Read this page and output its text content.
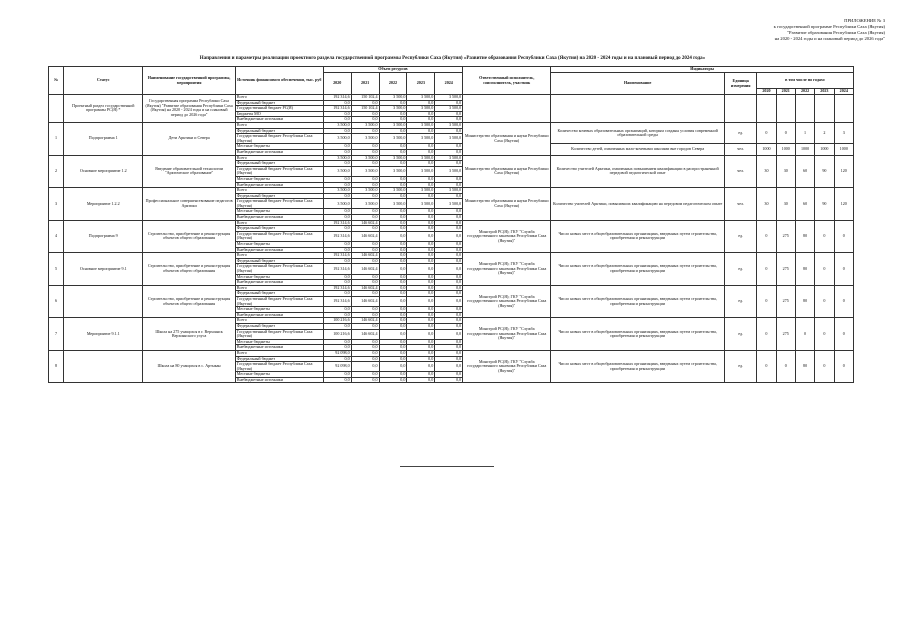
ПРИЛОЖЕНИЕ № 3
к государственной программе Республики Саха (Якутия)
"Развитие образования Республики Саха (Якутия)
на 2020 - 2024 годы и на плановый период до 2026 года"
Направления и параметры реализации проектного раздела государственной программы Республики Саха (Якутия) «Развитие образования Республики Саха (Якутия) на 2020 - 2024 годы и на плановый период до 2024 года»
№	Статус	Наименование государственной программы, мероприятия	Источник финансового обеспечения, тыс. руб	Объем ресурсов					Ответственный исполнитель, соисполнитель, участник	Индикаторы						
				2020	2021	2022	2023	2024		Наименование	Единица измерения	в том числе по годам:				
												2020	2021	2022	2023	2024
	Проектный раздел государственной программы РС(Я) *	Государственная программа Республики Саха (Якутия) "Развитие образования Республики Саха (Якутия) на 2020 - 2024 годы и на плановый период до 2026 года"	Всего	192 314,6	150 102,4	3 500,0	3 500,0	3 500,0								
			Федеральный бюджет	0,0	0,0	0,0	0,0	0,0								
			Государственный бюджет РС(Я)	192 314,6	150 102,4	3 500,0	3 500,0	3 500,0								
			Бюджеты МО	0,0	0,0	0,0	0,0	0,0								
			Внебюджетные источники	0,0	0,0	0,0	0,0	0,0								
1	Подпрограмма 1	Дети Арктики и Севера	Всего	3 500,0	3 500,0	3 500,0	3 500,0	3 500,0	Министерство образования и науки Республики Саха (Якутия)	Количество кочевых образовательных организаций, которым созданы условия современной образовательной среды	ед.	0	0	1	2	3
			Федеральный бюджет	0,0	0,0	0,0	0,0	0,0								
			Государственный бюджет Республики Саха (Якутия)	3 500,0	3 500,0	3 500,0	3 500,0	3 500,0								
			Местные бюджеты	0,0	0,0	0,0	0,0	0,0		Количество детей, охваченных мало-кочевыми школами вне городов Севера	чел.	1000	1000	1000	1000	1000
			Внебюджетные источники	0,0	0,0	0,0	0,0	0,0								
2	Основное мероприятие 1.2	Введение образовательной технологии "Арктическое образование"	Всего	3 500,0	3 500,0	3 500,0	3 500,0	3 500,0	Министерство образования и науки Республики Саха (Якутия)	Количество учителей Арктики, охваченных повышением квалификации в распространенной передовой педагогической опыт	чел.	30	30	60	90	120
			Федеральный бюджет	0,0	0,0	0,0	0,0	0,0								
			Государственный бюджет Республики Саха (Якутия)	3 500,0	3 500,0	3 500,0	3 500,0	3 500,0								
			Местные бюджеты	0,0	0,0	0,0	0,0	0,0								
			Внебюджетные источники	0,0	0,0	0,0	0,0	0,0								
3	Мероприятие 1.2.2	Профессиональное совершенствование педагогов Арктики	Всего	3 500,0	3 500,0	3 500,0	3 500,0	3 500,0	Министерство образования и науки Республики Саха (Якутия)	Количество учителей Арктики, повысивших квалификацию на передовом педагогическом опыте	чел.	30	30	60	90	120
			Федеральный бюджет	0,0	0,0	0,0	0,0	0,0								
			Государственный бюджет Республики Саха (Якутия)	3 500,0	3 500,0	3 500,0	3 500,0	3 500,0								
			Местные бюджеты	0,0	0,0	0,0	0,0	0,0								
			Внебюджетные источники	0,0	0,0	0,0	0,0	0,0								
4	Подпрограмма 9	Строительство, приобретение и реконструкция объектов общего образования	Всего	192 314,6	146 602,4	0,0	0,0	0,0	Минстрой РС(Я); ГКУ "Служба государственного заказчика Республики Саха (Якутия)"	Число новых мест в общеобразовательных организациях, введенных путем строительства, приобретения и реконструкции	ед.	0	275	80	0	0
			Федеральный бюджет	0,0	0,0	0,0	0,0	0,0								
			Государственный бюджет Республики Саха (Якутия)	192 314,6	146 602,4	0,0	0,0	0,0								
			Местные бюджеты	0,0	0,0	0,0	0,0	0,0								
			Внебюджетные источники	0,0	0,0	0,0	0,0	0,0								
5	Основное мероприятие 9.1	Строительство, приобретение и реконструкция объектов общего образования	Всего	192 314,6	146 602,4	0,0	0,0	0,0	Минстрой РС(Я); ГКУ "Служба государственного заказчика Республики Саха (Якутия)"	Число новых мест в общеобразовательных организациях, введенных путем строительства, приобретения и реконструкции	ед.	0	275	80	0	0
			Федеральный бюджет	0,0	0,0	0,0	0,0	0,0								
			Государственный бюджет Республики Саха (Якутия)	192 314,6	146 602,4	0,0	0,0	0,0								
			Местные бюджеты	0,0	0,0	0,0	0,0	0,0								
			Внебюджетные источники	0,0	0,0	0,0	0,0	0,0								
6		Строительство, приобретение и реконструкция объектов общего образования	Всего	192 314,6	146 602,4	0,0	0,0	0,0	Минстрой РС(Я); ГКУ "Служба государственного заказчика Республики Саха (Якутия)"	Число новых мест в общеобразовательных организациях, введенных путем строительства, приобретения и реконструкции	ед.	0	275	80	0	0
			Федеральный бюджет	0,0	0,0	0,0	0,0	0,0								
			Государственный бюджет Республики Саха (Якутия)	192 314,6	146 602,4	0,0	0,0	0,0								
			Местные бюджеты	0,0	0,0	0,0	0,0	0,0								
			Внебюджетные источники	0,0	0,0	0,0	0,0	0,0								
7	Мероприятие 9.1.1	Школа на 275 учащихся в г. Верхоянск Верхоянского улуса	Всего	100 216,6	146 602,4	0,0	0,0	0,0	Минстрой РС(Я); ГКУ "Служба государственного заказчика Республики Саха (Якутия)"	Число новых мест в общеобразовательных организациях, введенных путем строительства, приобретения и реконструкции	ед.	0	275	0	0	0
			Федеральный бюджет	0,0	0,0	0,0	0,0	0,0								
			Государственный бюджет Республики Саха (Якутия)	100 216,6	146 602,4	0,0	0,0	0,0								
			Местные бюджеты	0,0	0,0	0,0	0,0	0,0								
			Внебюджетные источники	0,0	0,0	0,0	0,0	0,0								
8		Школа на 80 учащихся в с. Артыкан	Всего	92 098,0	0,0	0,0	0,0	0,0	Минстрой РС(Я); ГКУ "Служба государственного заказчика Республики Саха (Якутия)"	Число новых мест в общеобразовательных организациях, введенных путем строительства, приобретения и реконструкции	ед.	0	0	80	0	0
			Федеральный бюджет	0,0	0,0	0,0	0,0	0,0								
			Государственный бюджет Республики Саха (Якутия)	92 098,0	0,0	0,0	0,0	0,0								
			Местные бюджеты	0,0	0,0	0,0	0,0	0,0								
			Внебюджетные источники	0,0	0,0	0,0	0,0	0,0								
